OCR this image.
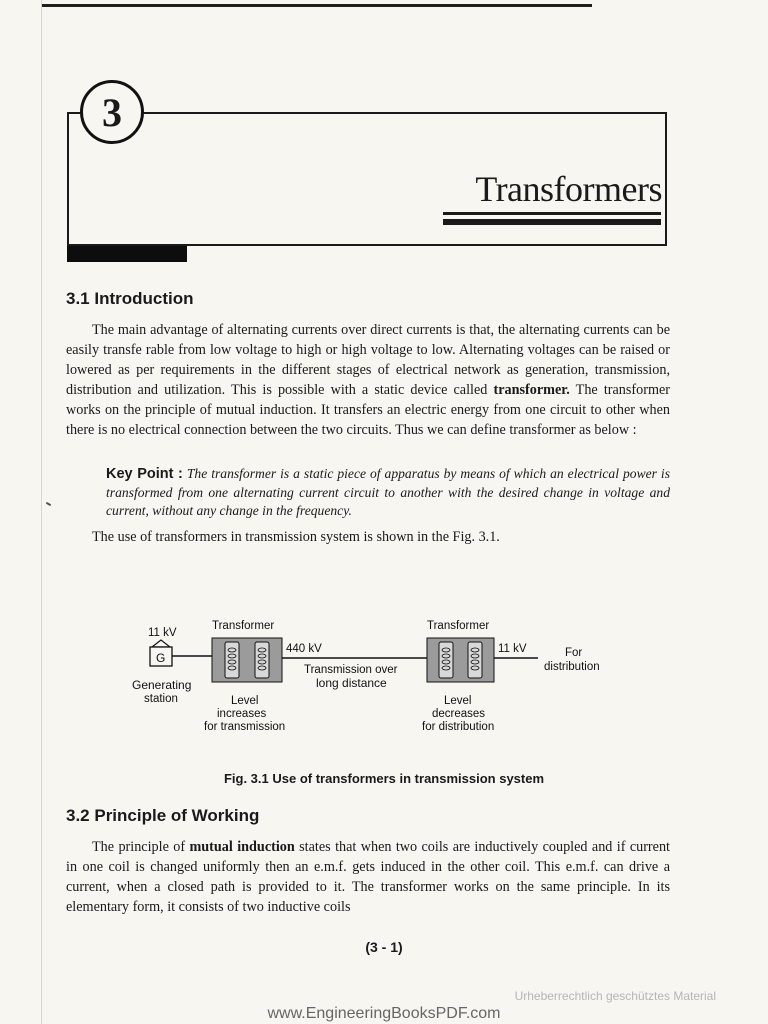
3
Transformers
3.1 Introduction

The main advantage of alternating currents over direct currents is that, the alternating currents can be easily transfe rable from low voltage to high or high voltage to low. Alternating voltages can be raised or lowered as per requirements in the different stages of electrical network as generation, transmission, distribution and utilization. This is possible with a static device called transformer. The transformer works on the principle of mutual induction. It transfers an electric energy from one circuit to other when there is no electrical connection between the two circuits. Thus we can define transformer as below :

Key Point : The transformer is a static piece of apparatus by means of which an electrical power is transformed from one alternating current circuit to another with the desired change in voltage and current, without any change in the frequency.

The use of transformers in transmission system is shown in the Fig. 3.1.

11 kV
G
Generating
station
Transformer
Level
increases
for transmission
440 kV
Transmission over
long distance
Transformer
Level
decreases
for distribution
11 kV	For
distribution
Fig. 3.1 Use of transformers in transmission system
3.2 Principle of Working

The principle of mutual induction states that when two coils are inductively coupled and if current in one coil is changed uniformly then an e.m.f. gets induced in the other coil. This e.m.f. can drive a current, when a closed path is provided to it. The transformer works on the same principle. In its elementary form, it consists of two inductive coils

(3 - 1)
Urheberrechtlich geschütztes Material
www.EngineeringBooksPDF.com
